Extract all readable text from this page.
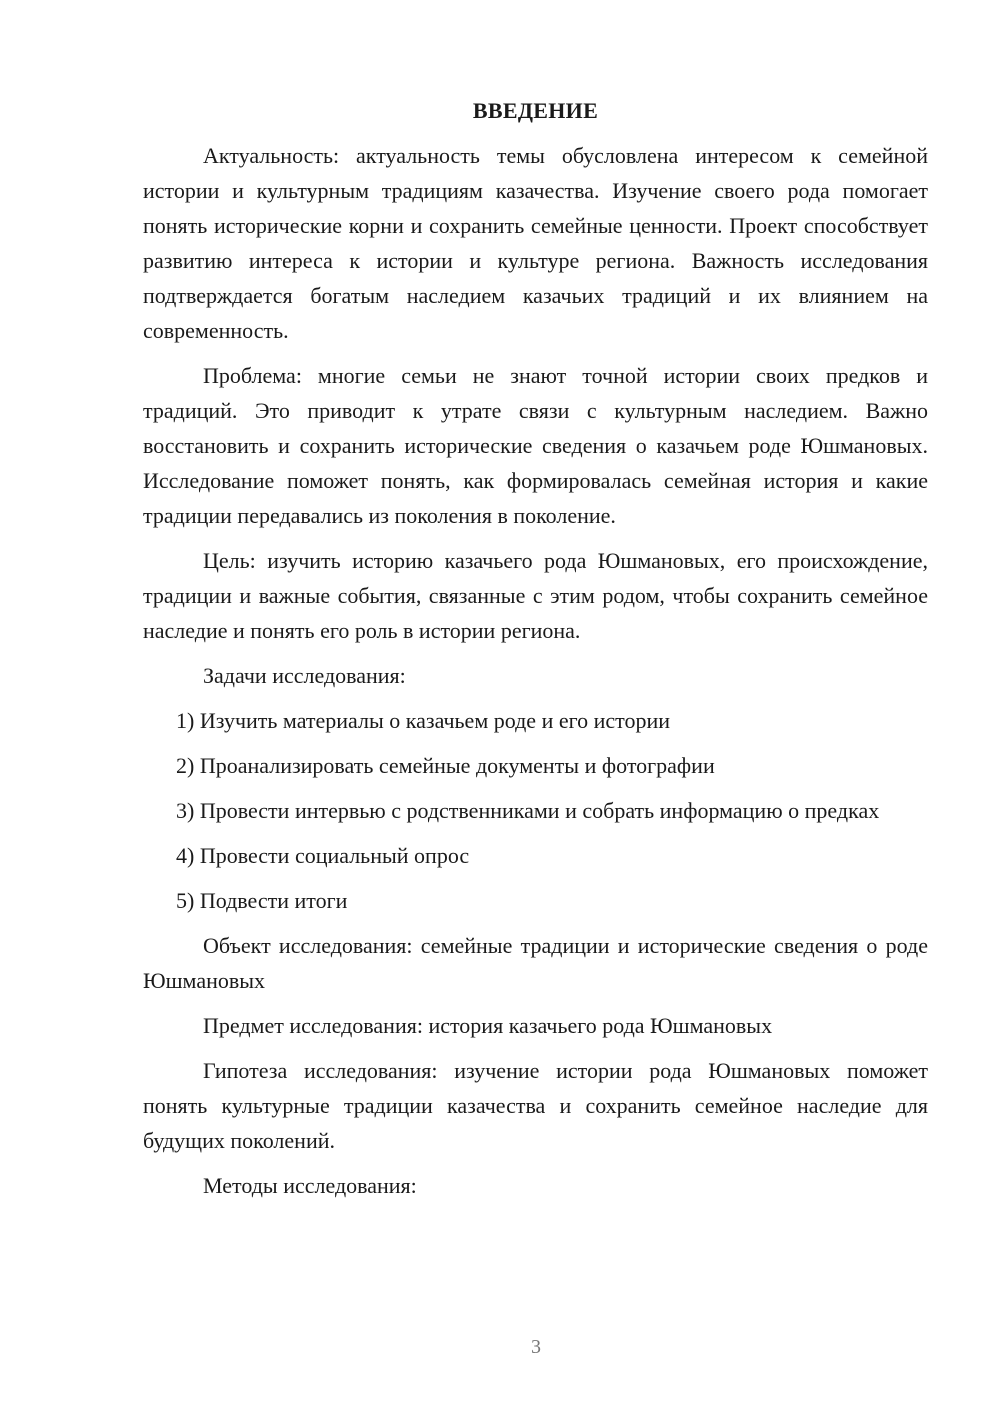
ВВЕДЕНИЕ

Актуальность: актуальность темы обусловлена интересом к семейной истории и культурным традициям казачества. Изучение своего рода помогает понять исторические корни и сохранить семейные ценности. Проект способствует развитию интереса к истории и культуре региона. Важность исследования подтверждается богатым наследием казачьих традиций и их влиянием на современность.

Проблема: многие семьи не знают точной истории своих предков и традиций. Это приводит к утрате связи с культурным наследием. Важно восстановить и сохранить исторические сведения о казачьем роде Юшмановых. Исследование поможет понять, как формировалась семейная история и какие традиции передавались из поколения в поколение.

Цель: изучить историю казачьего рода Юшмановых, его происхождение, традиции и важные события, связанные с этим родом, чтобы сохранить семейное наследие и понять его роль в истории региона.

Задачи исследования:

1) Изучить материалы о казачьем роде и его истории

2) Проанализировать семейные документы и фотографии

3) Провести интервью с родственниками и собрать информацию о предках

4) Провести социальный опрос

5) Подвести итоги

Объект исследования: семейные традиции и исторические сведения о роде Юшмановых

Предмет исследования: история казачьего рода Юшмановых

Гипотеза исследования: изучение истории рода Юшмановых поможет понять культурные традиции казачества и сохранить семейное наследие для будущих поколений.

Методы исследования:

3
